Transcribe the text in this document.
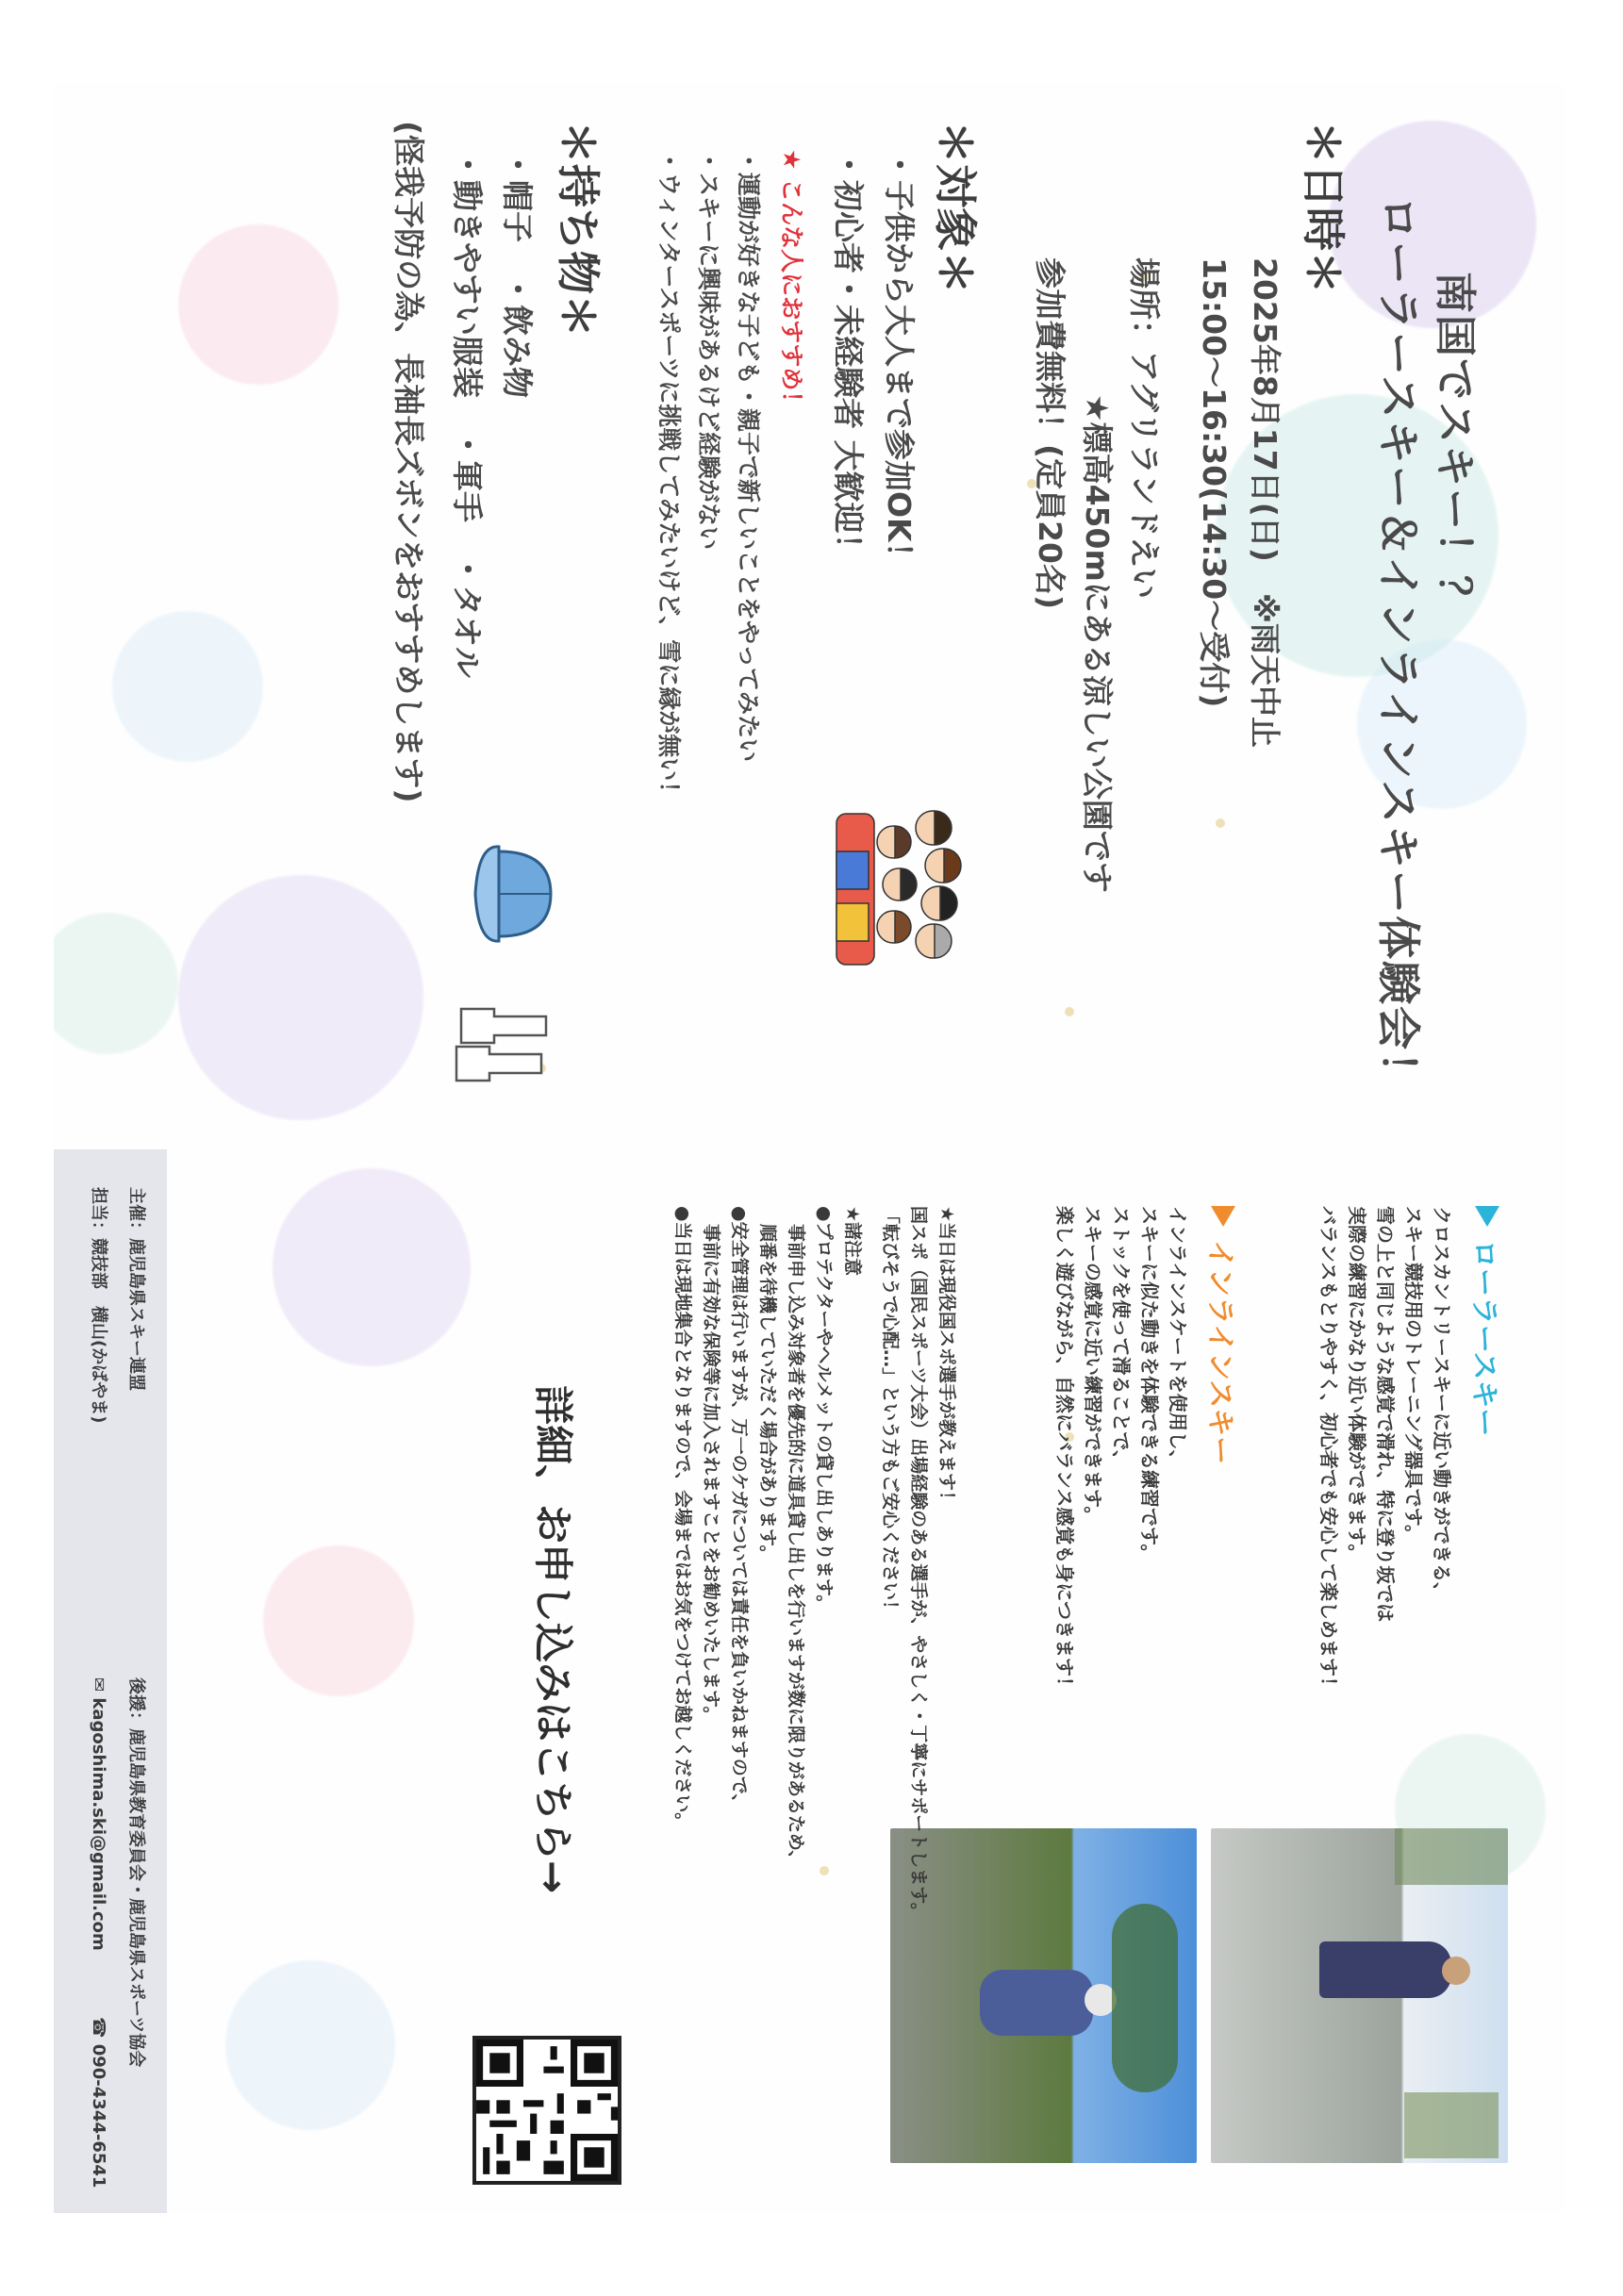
南国でスキー！？
ローラースキー＆インラインスキー体験会！
＊日時＊
2025年8月17日(日)　※雨天中止
15:00〜16:30(14:30〜受付)
場所：アグリランドえい
★標高450mにある涼しい公園です
参加費無料！(定員20名)
＊対象＊
・子供から大人まで参加OK！
・初心者・未経験者 大歓迎！
★ こんな人におすすめ！
・運動が好きな子ども・親子で新しいことをやってみたい
・スキーに興味があるけど経験がない
・ウィンタースポーツに挑戦してみたいけど、雪に縁が無い！
＊持ち物＊
・帽子　・飲み物
・動きやすい服装　・軍手　・タオル
(怪我予防の為、長袖長ズボンをおすすめします)
ローラースキー
クロスカントリースキーに近い動きができる、
スキー競技用のトレーニング器具です。
雪の上と同じような感覚で滑れ、特に登り坂では
実際の練習にかなり近い体験ができます。
バランスもとりやすく、初心者でも安心して楽しめます！
インラインスキー
インラインスケートを使用し、
スキーに似た動きを体験できる練習です。
ストックを使って滑ることで、
スキーの感覚に近い練習ができます。
楽しく遊びながら、自然にバランス感覚も身につきます！
★当日は現役国スポ選手が教えます！
国スポ（国民スポーツ大会）出場経験のある選手が、やさしく・丁寧にサポートします。
「転びそうで心配…」という方もご安心ください！
★諸注意
●プロテクターやヘルメットの貸し出しあります。
　事前申し込み対象者を優先的に道具貸し出しを行いますが数に限りがあるため、
　順番を待機していただく場合があります。
●安全管理は行いますが、万一のケガについては責任を負いかねますので、
　事前に有効な保険等に加入されますことをお勧めいたします。
●当日は現地集合となりますので、会場まではお気をつけてお越しください。
詳細、お申し込みはこちら→
主催：鹿児島県スキー連盟
担当：競技部　横山(かばやま)
後援：鹿児島県教育委員会・鹿児島県スポーツ協会
✉ kagoshima.ski@gmail.com
☎ 090-4344-6541
